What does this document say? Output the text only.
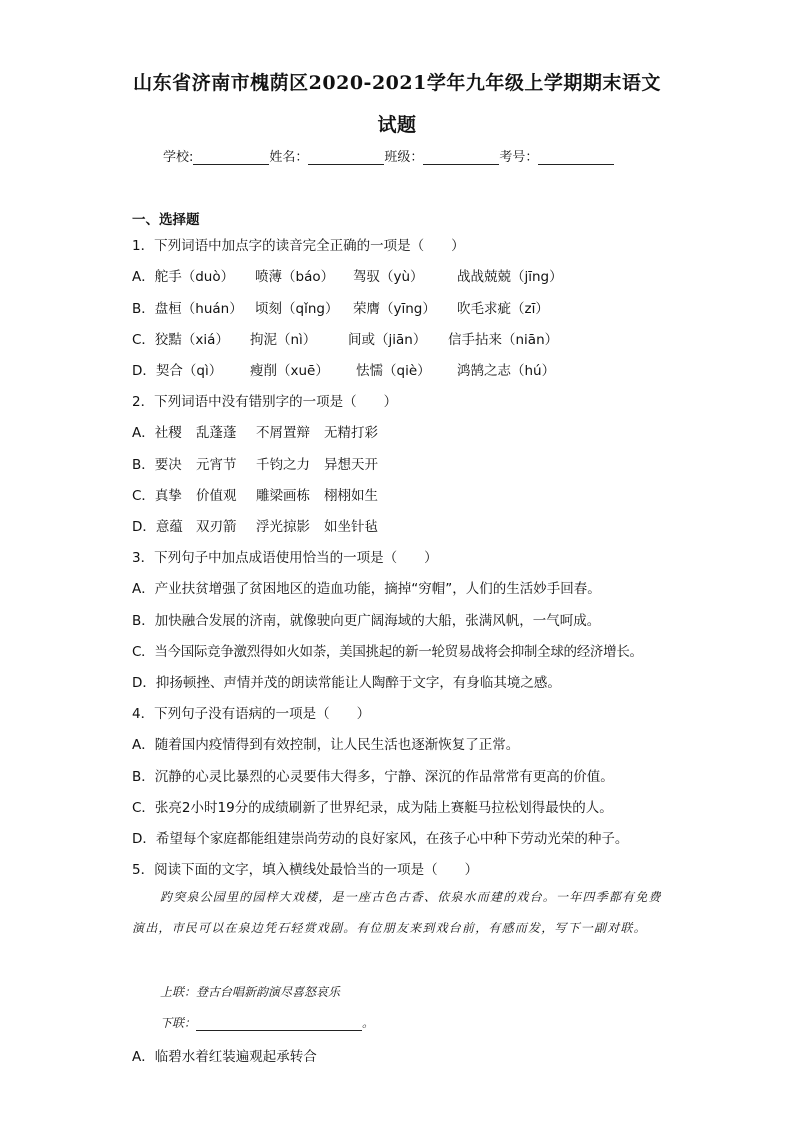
山东省济南市槐荫区2020-2021学年九年级上学期期末语文
试题
学校:	姓名：	班级：	考号：
一、选择题
1．下列词语中加点字的读音完全正确的一项是（　　）
A．舵手（duò） 喷薄（báo） 驾驭（yù） 战战兢兢（jīng）
B．盘桓（huán） 顷刻（qǐng） 荣膺（yīng） 吹毛求疵（zī）
C．狡黠（xiá） 拘泥（nì） 间或（jiān） 信手拈来（niān）
D．契合（qì） 瘦削（xuē） 怯懦（qiè） 鸿鹄之志（hú）
2．下列词语中没有错别字的一项是（　　）
A．社稷 乱蓬蓬 不屑置辩 无精打彩
B．要决 元宵节 千钧之力 异想天开
C．真挚 价值观 雕梁画栋 栩栩如生
D．意蕴 双刃箭 浮光掠影 如坐针毡
3．下列句子中加点成语使用恰当的一项是（　　）
A．产业扶贫增强了贫困地区的造血功能，摘掉“穷帽”，人们的生活妙手回春。
B．加快融合发展的济南，就像驶向更广阔海域的大船，张满风帆，一气呵成。
C．当今国际竞争激烈得如火如荼，美国挑起的新一轮贸易战将会抑制全球的经济增长。
D．抑扬顿挫、声情并茂的朗读常能让人陶醉于文字，有身临其境之感。
4．下列句子没有语病的一项是（　　）
A．随着国内疫情得到有效控制，让人民生活也逐渐恢复了正常。
B．沉静的心灵比暴烈的心灵要伟大得多，宁静、深沉的作品常常有更高的价值。
C．张亮2小时19分的成绩刷新了世界纪录，成为陆上赛艇马拉松划得最快的人。
D．希望每个家庭都能组建崇尚劳动的良好家风，在孩子心中种下劳动光荣的种子。
5．阅读下面的文字，填入横线处最恰当的一项是（　　）
趵突泉公园里的园梓大戏楼，是一座古色古香、依泉水而建的戏台。一年四季都有免费演出，市民可以在泉边凭石轻赏戏剧。有位朋友来到戏台前，有感而发，写下一副对联。
上联：登古台唱新韵演尽喜怒哀乐
下联：	。
A．临碧水着红装遍观起承转合
